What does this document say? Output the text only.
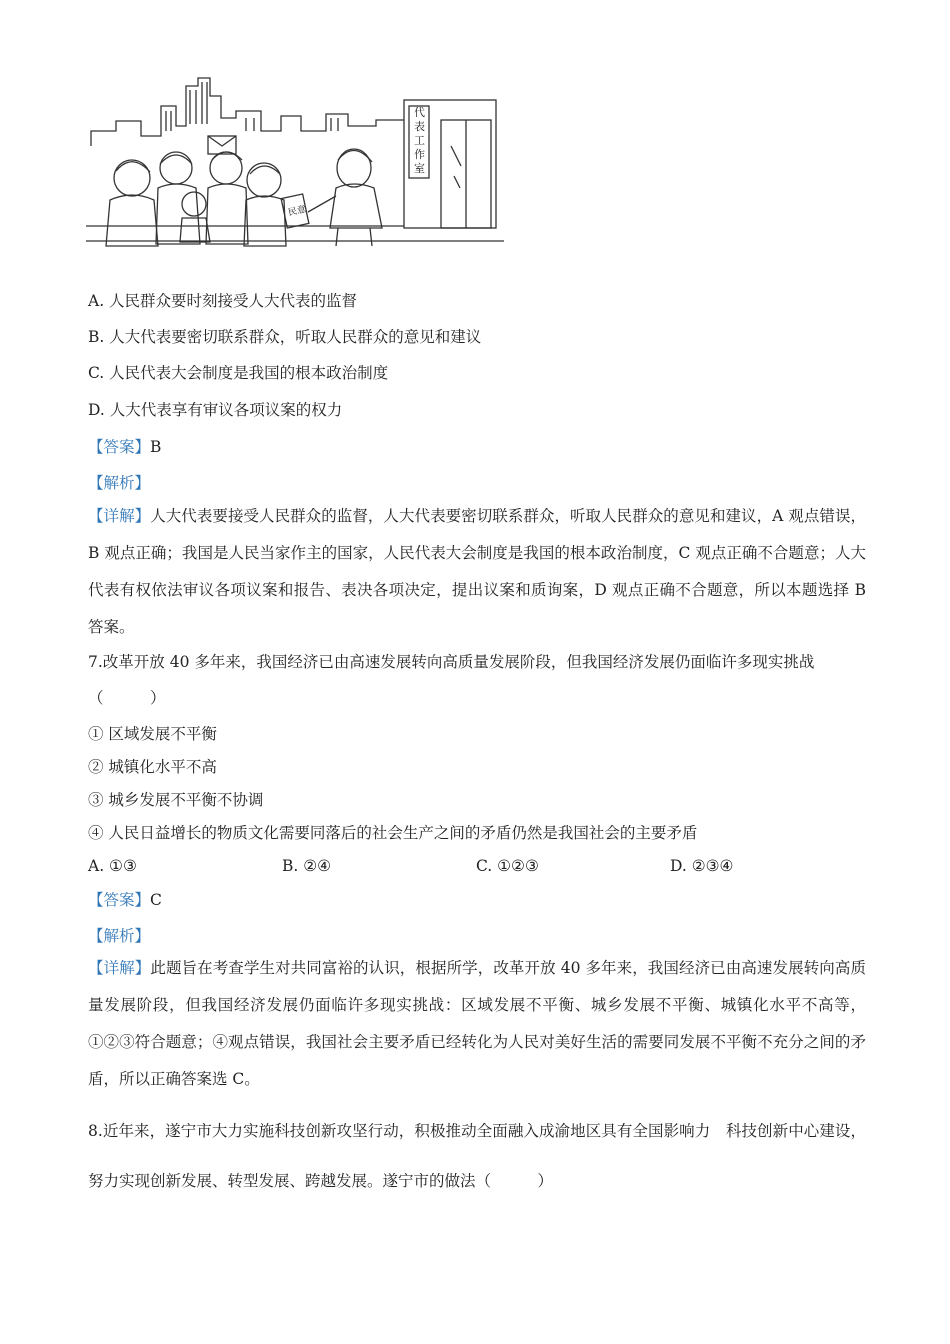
代表工作室
民意
A. 人民群众要时刻接受人大代表的监督
B. 人大代表要密切联系群众，听取人民群众的意见和建议
C. 人民代表大会制度是我国的根本政治制度
D. 人大代表享有审议各项议案的权力
【答案】B
【解析】
【详解】人大代表要接受人民群众的监督，人大代表要密切联系群众，听取人民群众的意见和建议，A 观点错误，B 观点正确；我国是人民当家作主的国家，人民代表大会制度是我国的根本政治制度，C 观点正确不合题意；人大代表有权依法审议各项议案和报告、表决各项决定，提出议案和质询案，D 观点正确不合题意，所以本题选择 B 答案。
7.改革开放 40 多年来，我国经济已由高速发展转向高质量发展阶段，但我国经济发展仍面临许多现实挑战
（　　　）
① 区域发展不平衡
② 城镇化水平不高
③ 城乡发展不平衡不协调
④ 人民日益增长的物质文化需要同落后的社会生产之间的矛盾仍然是我国社会的主要矛盾
A. ①③	B. ②④	C. ①②③	D. ②③④
【答案】C
【解析】
【详解】此题旨在考查学生对共同富裕的认识，根据所学，改革开放 40 多年来，我国经济已由高速发展转向高质量发展阶段，但我国经济发展仍面临许多现实挑战：区域发展不平衡、城乡发展不平衡、城镇化水平不高等，①②③符合题意；④观点错误，我国社会主要矛盾已经转化为人民对美好生活的需要同发展不平衡不充分之间的矛盾，所以正确答案选 C。
8.近年来，遂宁市大力实施科技创新攻坚行动，积极推动全面融入成渝地区具有全国影响力　科技创新中心建设，努力实现创新发展、转型发展、跨越发展。遂宁市的做法（　　　）
